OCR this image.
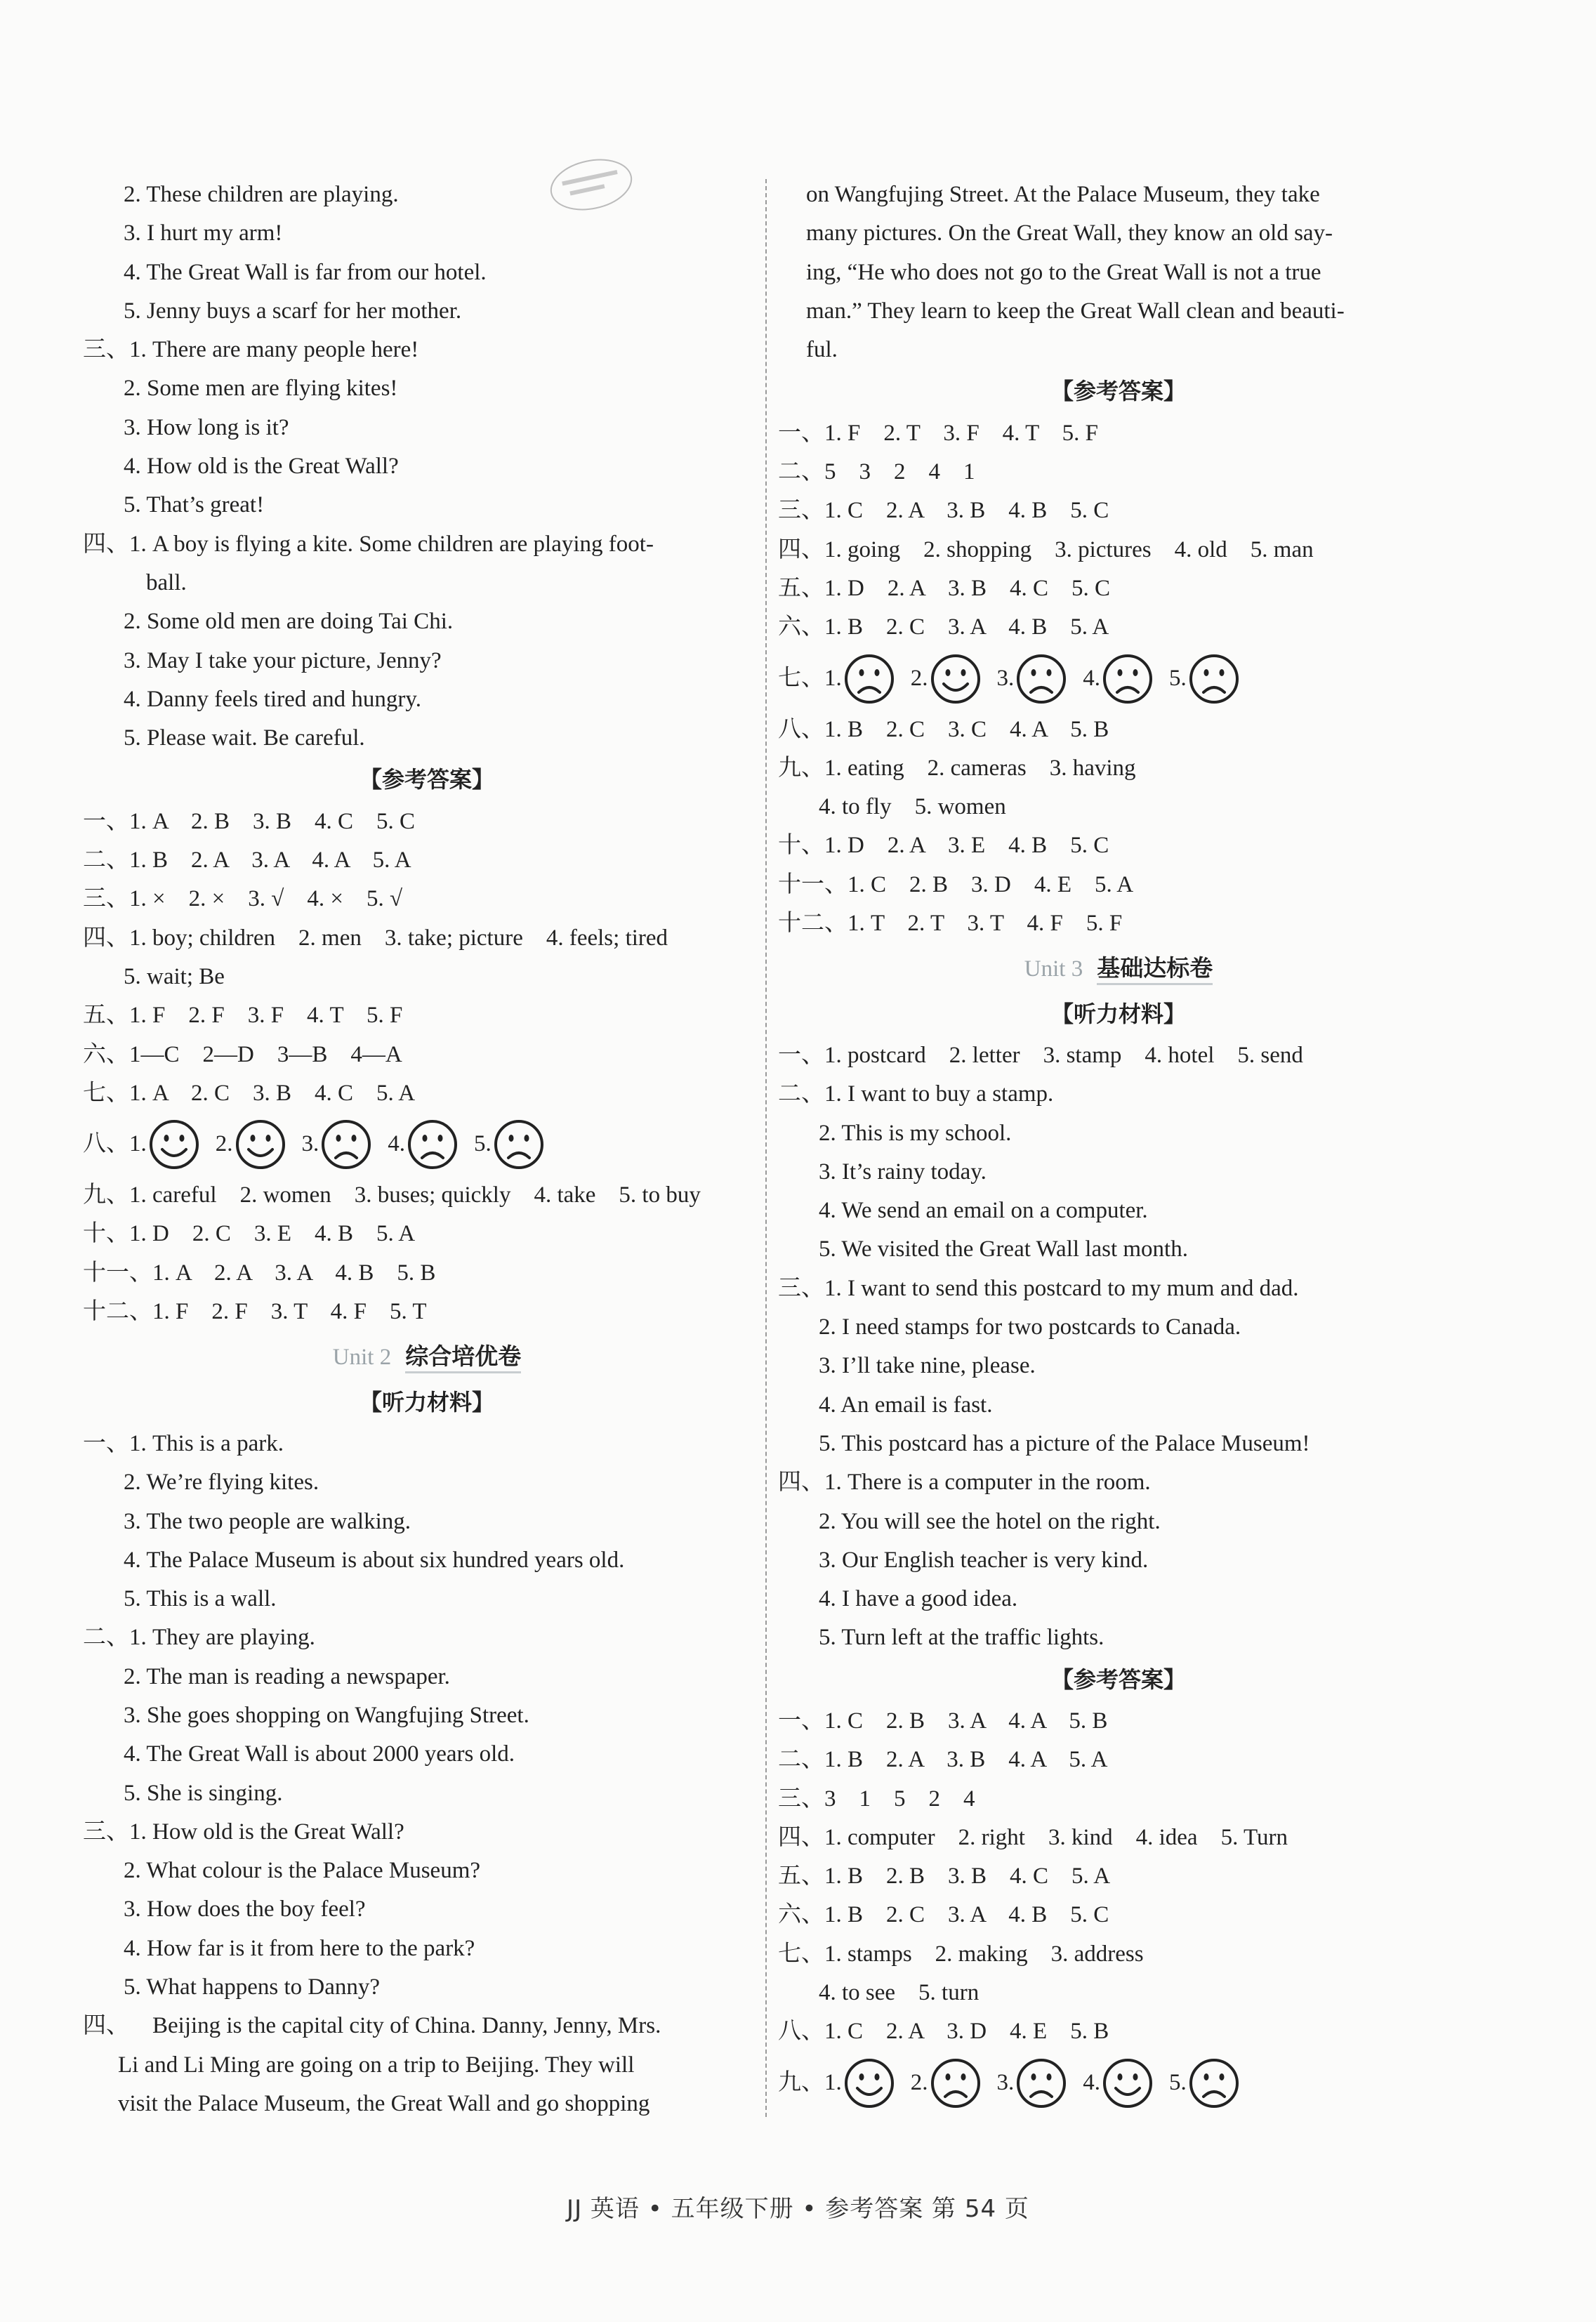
2. These children are playing.
3. I hurt my arm!
4. The Great Wall is far from our hotel.
5. Jenny buys a scarf for her mother.
三、1. There are many people here!
2. Some men are flying kites!
3. How long is it?
4. How old is the Great Wall?
5. That’s great!
四、1. A boy is flying a kite. Some children are playing foot-
ball.
2. Some old men are doing Tai Chi.
3. May I take your picture, Jenny?
4. Danny feels tired and hungry.
5. Please wait. Be careful.
【参考答案】
一、1. A    2. B    3. B    4. C    5. C
二、1. B    2. A    3. A    4. A    5. A
三、1. ×    2. ×    3. √    4. ×    5. √
四、1. boy; children    2. men    3. take; picture    4. feels; tired
5. wait; Be
五、1. F    2. F    3. F    4. T    5. F
六、1—C    2—D    3—B    4—A
七、1. A    2. C    3. B    4. C    5. A
八、 1.	2.	3.	4.	5.
九、1. careful    2. women    3. buses; quickly    4. take    5. to buy
十、1. D    2. C    3. E    4. B    5. A
十一、1. A    2. A    3. A    4. B    5. B
十二、1. F    2. F    3. T    4. F    5. T
Unit 2 综合培优卷
【听力材料】
一、1. This is a park.
2. We’re flying kites.
3. The two people are walking.
4. The Palace Museum is about six hundred years old.
5. This is a wall.
二、1. They are playing.
2. The man is reading a newspaper.
3. She goes shopping on Wangfujing Street.
4. The Great Wall is about 2000 years old.
5. She is singing.
三、1. How old is the Great Wall?
2. What colour is the Palace Museum?
3. How does the boy feel?
4. How far is it from here to the park?
5. What happens to Danny?
四、    Beijing is the capital city of China. Danny, Jenny, Mrs.
Li and Li Ming are going on a trip to Beijing. They will
visit the Palace Museum, the Great Wall and go shopping
on Wangfujing Street. At the Palace Museum, they take
many pictures. On the Great Wall, they know an old say-
ing, “He who does not go to the Great Wall is not a true
man.” They learn to keep the Great Wall clean and beauti-
ful.
【参考答案】
一、1. F    2. T    3. F    4. T    5. F
二、5    3    2    4    1
三、1. C    2. A    3. B    4. B    5. C
四、1. going    2. shopping    3. pictures    4. old    5. man
五、1. D    2. A    3. B    4. C    5. C
六、1. B    2. C    3. A    4. B    5. A
七、 1.	2.	3.	4.	5.
八、1. B    2. C    3. C    4. A    5. B
九、1. eating    2. cameras    3. having
4. to fly    5. women
十、1. D    2. A    3. E    4. B    5. C
十一、1. C    2. B    3. D    4. E    5. A
十二、1. T    2. T    3. T    4. F    5. F
Unit 3 基础达标卷
【听力材料】
一、1. postcard    2. letter    3. stamp    4. hotel    5. send
二、1. I want to buy a stamp.
2. This is my school.
3. It’s rainy today.
4. We send an email on a computer.
5. We visited the Great Wall last month.
三、1. I want to send this postcard to my mum and dad.
2. I need stamps for two postcards to Canada.
3. I’ll take nine, please.
4. An email is fast.
5. This postcard has a picture of the Palace Museum!
四、1. There is a computer in the room.
2. You will see the hotel on the right.
3. Our English teacher is very kind.
4. I have a good idea.
5. Turn left at the traffic lights.
【参考答案】
一、1. C    2. B    3. A    4. A    5. B
二、1. B    2. A    3. B    4. A    5. A
三、3    1    5    2    4
四、1. computer    2. right    3. kind    4. idea    5. Turn
五、1. B    2. B    3. B    4. C    5. A
六、1. B    2. C    3. A    4. B    5. C
七、1. stamps    2. making    3. address
4. to see    5. turn
八、1. C    2. A    3. D    4. E    5. B
九、 1.	2.	3.	4.	5.
JJ 英语 • 五年级下册 • 参考答案 第 54 页
